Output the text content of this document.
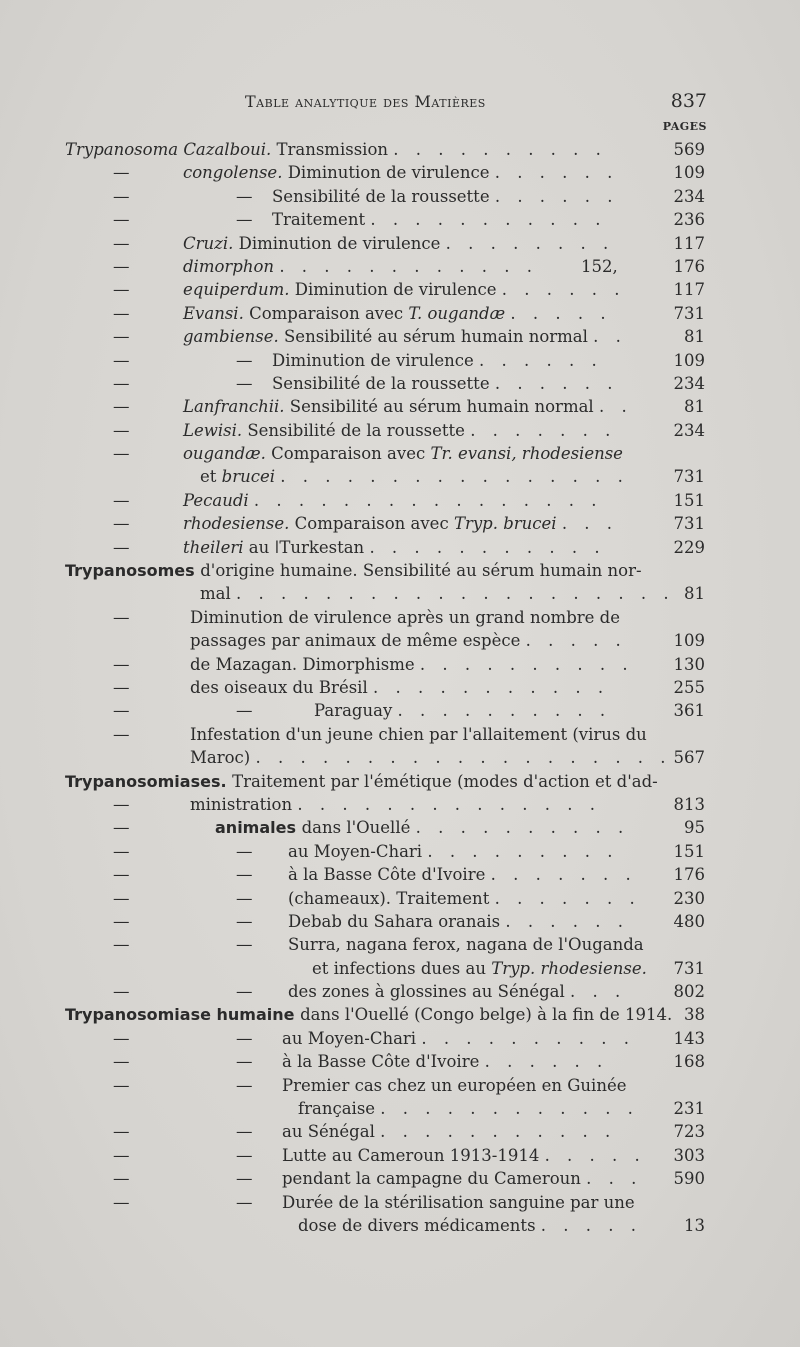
Table analytique des Matières	837
PAGES
Trypanosoma Cazalboui. Transmission . . . . . . . . . .	569
—	congolense. Diminution de virulence . . . . . .	109
—	— Sensibilité de la roussette . . . . . .	234
—	— Traitement . . . . . . . . . . .	236
—	Cruzi. Diminution de virulence . . . . . . . .	117
—	dimorphon . . . . . . . . . . . .	152,	176
—	equiperdum. Diminution de virulence . . . . . .	117
—	Evansi. Comparaison avec T. ougandæ . . . . .	731
—	gambiense. Sensibilité au sérum humain normal . .	81
—	— Diminution de virulence . . . . . .	109
—	— Sensibilité de la roussette . . . . . .	234
—	Lanfranchii. Sensibilité au sérum humain normal . .	81
—	Lewisi. Sensibilité de la roussette . . . . . . .	234
—	ougandæ. Comparaison avec Tr. evansi, rhodesiense
et brucei . . . . . . . . . . . . . . . .	731
—	Pecaudi . . . . . . . . . . . . . . . .	151
—	rhodesiense. Comparaison avec Tryp. brucei . . .	731
—	theileri au ǀTurkestan . . . . . . . . . . .	229
Trypanosomes d'origine humaine. Sensibilité au sérum humain nor-
mal . . . . . . . . . . . . . . . . . . . . 81
—	Diminution de virulence après un grand nombre de
passages par animaux de même espèce . . . . .	109
—	de Mazagan. Dimorphisme . . . . . . . . . . 130
—	des oiseaux du Brésil . . . . . . . . . . .	255
—	—	Paraguay . . . . . . . . . .	361
—	Infestation d'un jeune chien par l'allaitement (virus du
Maroc) . . . . . . . . . . . . . . . . . . . 567
Trypanosomiases. Traitement par l'émétique (modes d'action et d'ad-
—	ministration . . . . . . . . . . . . . .	813
—	animales dans l'Ouellé . . . . . . . . . .	95
—	— au Moyen-Chari . . . . . . . . .	151
—	— à la Basse Côte d'Ivoire . . . . . . . 176
—	— (chameaux). Traitement . . . . . . . 230
—	— Debab du Sahara oranais . . . . . .	480
—	— Surra, nagana ferox, nagana de l'Ouganda
et infections dues au Tryp. rhodesiense. 731
—	— des zones à glossines au Sénégal . . .	802
Trypanosomiase humaine dans l'Ouellé (Congo belge) à la fin de 1914. 38
—	— au Moyen-Chari . . . . . . . . . . 143
—	— à la Basse Côte d'Ivoire . . . . . .	168
—	— Premier cas chez un européen en Guinée
française . . . . . . . . . . . . 231
—	— au Sénégal . . . . . . . . . . .	723
—	— Lutte au Cameroun 1913-1914 . . . . . 303
—	— pendant la campagne du Cameroun . . . 590
—	— Durée de la stérilisation sanguine par une
dose de divers médicaments . . . . .	13
